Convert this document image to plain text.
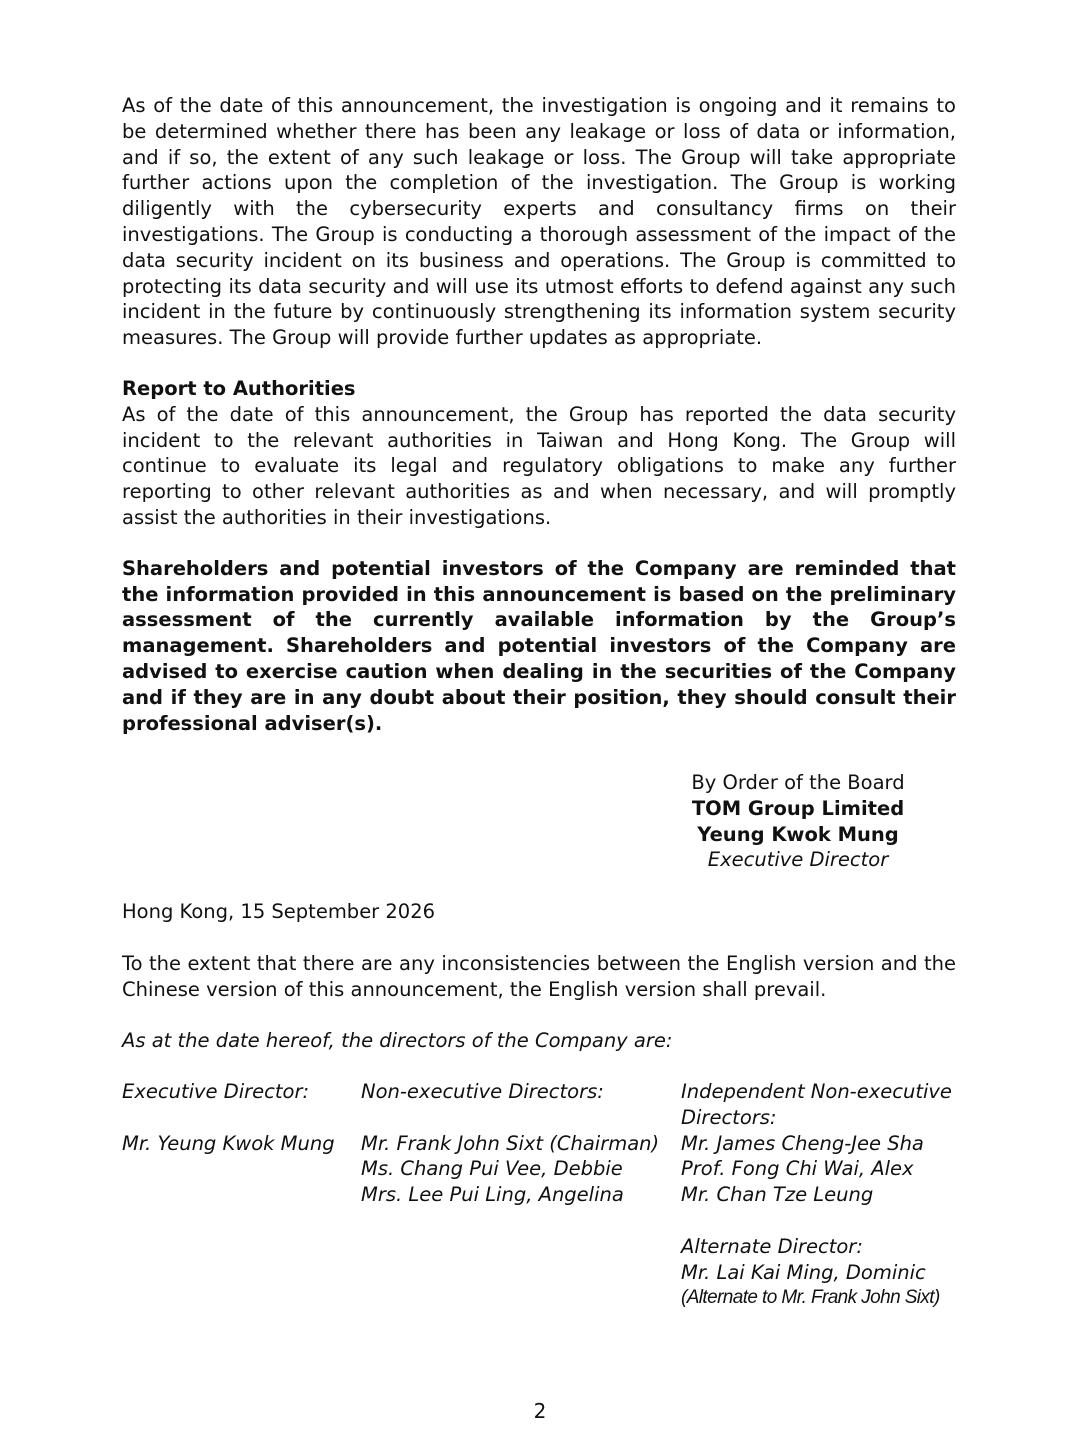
As of the date of this announcement, the investigation is ongoing and it remains to be determined whether there has been any leakage or loss of data or information, and if so, the extent of any such leakage or loss. The Group will take appropriate further actions upon the completion of the investigation. The Group is working diligently with the cybersecurity experts and consultancy firms on their investigations. The Group is conducting a thorough assessment of the impact of the data security incident on its business and operations. The Group is committed to protecting its data security and will use its utmost efforts to defend against any such incident in the future by continuously strengthening its information system security measures. The Group will provide further updates as appropriate.

Report to Authorities

As of the date of this announcement, the Group has reported the data security incident to the relevant authorities in Taiwan and Hong Kong. The Group will continue to evaluate its legal and regulatory obligations to make any further reporting to other relevant authorities as and when necessary, and will promptly assist the authorities in their investigations.

Shareholders and potential investors of the Company are reminded that the information provided in this announcement is based on the preliminary assessment of the currently available information by the Group’s management. Shareholders and potential investors of the Company are advised to exercise caution when dealing in the securities of the Company and if they are in any doubt about their position, they should consult their professional adviser(s).

By Order of the Board
TOM Group Limited
Yeung Kwok Mung
Executive Director
Hong Kong, 15 September 2026

To the extent that there are any inconsistencies between the English version and the Chinese version of this announcement, the English version shall prevail.

As at the date hereof, the directors of the Company are:
Executive Director:
Mr. Yeung Kwok Mung
Non-executive Directors:
Mr. Frank John Sixt (Chairman)
Ms. Chang Pui Vee, Debbie
Mrs. Lee Pui Ling, Angelina
Independent Non-executive
Directors:
Mr. James Cheng-Jee Sha
Prof. Fong Chi Wai, Alex
Mr. Chan Tze Leung
Alternate Director:
Mr. Lai Kai Ming, Dominic
(Alternate to Mr. Frank John Sixt)
2
